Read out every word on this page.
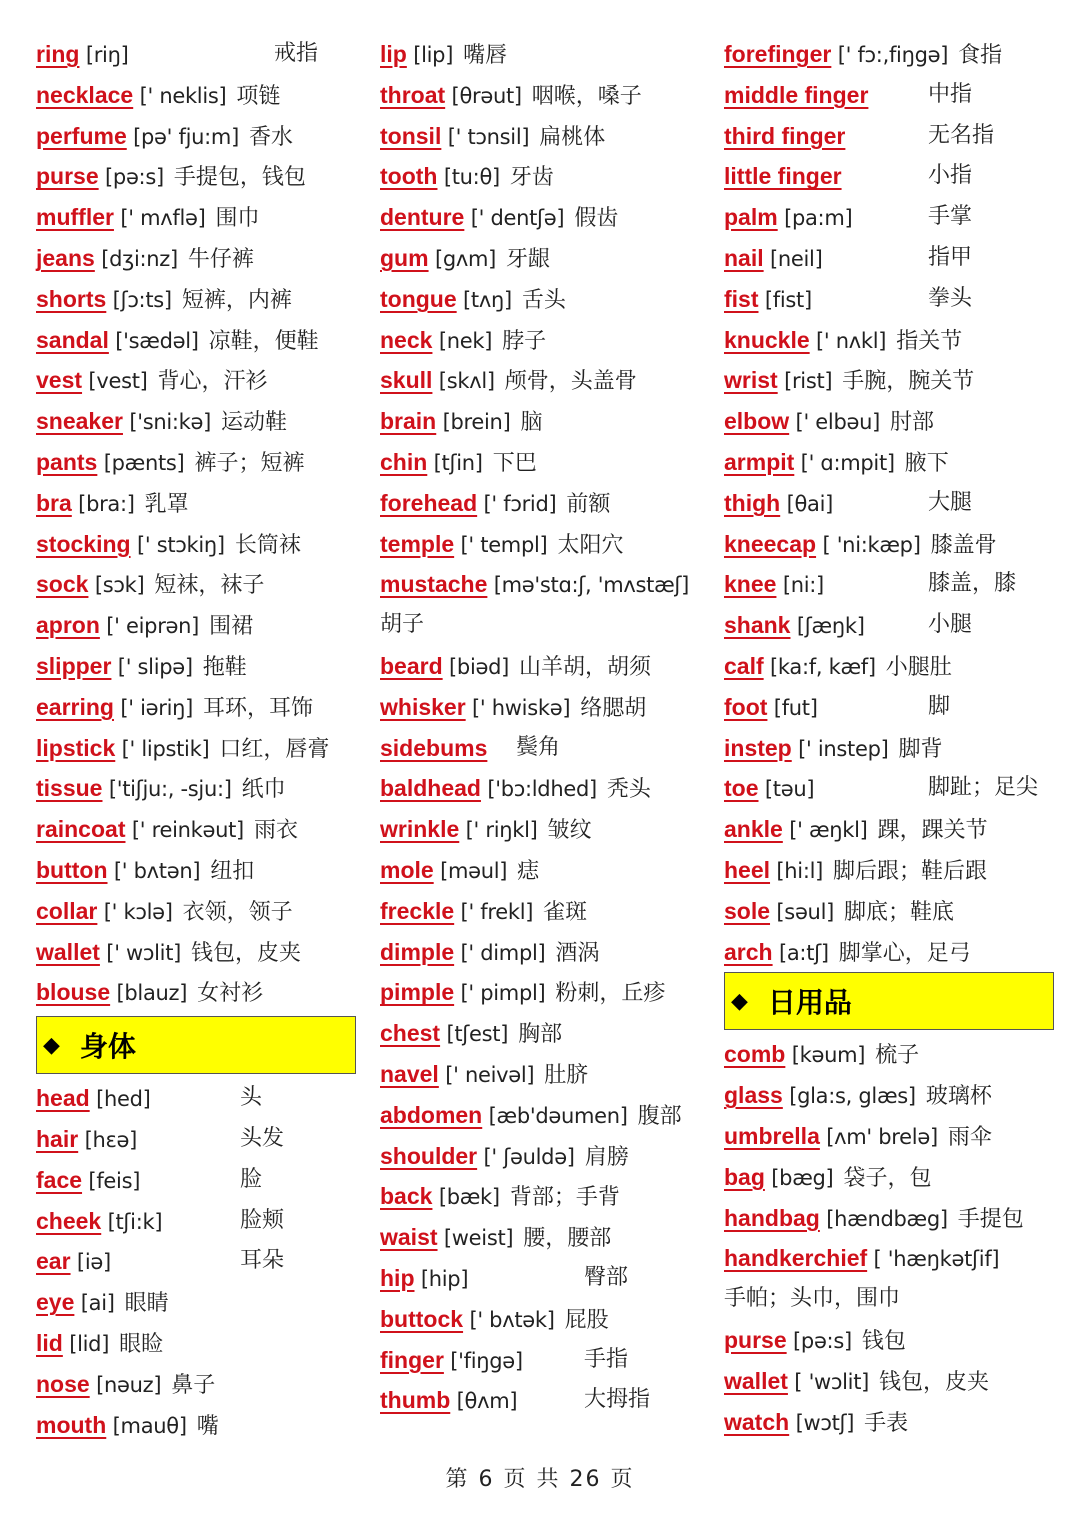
ring [riŋ]	戒指
necklace [' neklis] 项链
perfume [pə' fju:m] 香水
purse [pə:s] 手提包，钱包
muffler [' mʌflə] 围巾
jeans [dʒi:nz] 牛仔裤
shorts [ʃɔ:ts] 短裤，内裤
sandal ['sædəl] 凉鞋，便鞋
vest [vest] 背心，汗衫
sneaker ['sni:kə] 运动鞋
pants [pænts] 裤子；短裤
bra [bra:] 乳罩
stocking [' stɔkiŋ] 长筒袜
sock [sɔk] 短袜，袜子
apron [' eiprən] 围裙
slipper [' slipə] 拖鞋
earring [' iəriŋ] 耳环，耳饰
lipstick [' lipstik] 口红，唇膏
tissue ['tiʃju:, -sju:] 纸巾
raincoat [' reinkəut] 雨衣
button [' bʌtən] 纽扣
collar [' kɔlə] 衣领，领子
wallet [' wɔlit] 钱包，皮夹
blouse [blauz] 女衬衫
◆ 身体
head [hed]	头
hair [hɛə]	头发
face [feis]	脸
cheek [tʃi:k]	脸颊
ear [iə]	耳朵
eye [ai] 眼睛
lid [lid] 眼睑
nose [nəuz] 鼻子
mouth [mauθ] 嘴
lip [lip] 嘴唇
throat [θrəut] 咽喉，嗓子
tonsil [' tɔnsil] 扁桃体
tooth [tu:θ] 牙齿
denture [' dentʃə] 假齿
gum [gʌm] 牙龈
tongue [tʌŋ] 舌头
neck [nek] 脖子
skull [skʌl] 颅骨，头盖骨
brain [brein] 脑
chin [tʃin] 下巴
forehead [' fɔrid] 前额
temple [' templ] 太阳穴
mustache [mə'stɑ:ʃ, 'mʌstæʃ]
胡子
beard [biəd] 山羊胡，胡须
whisker [' hwiskə] 络腮胡
sidebums 鬓角
baldhead ['bɔ:ldhed] 秃头
wrinkle [' riŋkl] 皱纹
mole [məul] 痣
freckle [' frekl] 雀斑
dimple [' dimpl] 酒涡
pimple [' pimpl] 粉刺，丘疹
chest [tʃest] 胸部
navel [' neivəl] 肚脐
abdomen [æb'dəumen] 腹部
shoulder [' ʃəuldə] 肩膀
back [bæk] 背部；手背
waist [weist] 腰，腰部
hip [hip]	臀部
buttock [' bʌtək] 屁股
finger ['fiŋgə]	手指
thumb [θʌm]	大拇指
forefinger [' fɔ:,fiŋgə] 食指
middle finger	中指
third finger	无名指
little finger	小指
palm [pa:m]	手掌
nail [neil]	指甲
fist [fist]	拳头
knuckle [' nʌkl] 指关节
wrist [rist] 手腕，腕关节
elbow [' elbəu] 肘部
armpit [' ɑ:mpit] 腋下
thigh [θai]	大腿
kneecap [ 'ni:kæp] 膝盖骨
knee [ni:]	膝盖，膝
shank [ʃæŋk]	小腿
calf [ka:f, kæf] 小腿肚
foot [fut]	脚
instep [' instep] 脚背
toe [təu]	脚趾；足尖
ankle [' æŋkl] 踝，踝关节
heel [hi:l] 脚后跟；鞋后跟
sole [səul] 脚底；鞋底
arch [a:tʃ] 脚掌心，足弓
◆ 日用品
comb [kəum] 梳子
glass [gla:s, glæs] 玻璃杯
umbrella [ʌm' brelə] 雨伞
bag [bæg] 袋子，包
handbag [hændbæg] 手提包
handkerchief [ 'hæŋkətʃif]
手帕；头巾，围巾
purse [pə:s] 钱包
wallet [ 'wɔlit] 钱包，皮夹
watch [wɔtʃ] 手表
第 6 页 共 26 页
